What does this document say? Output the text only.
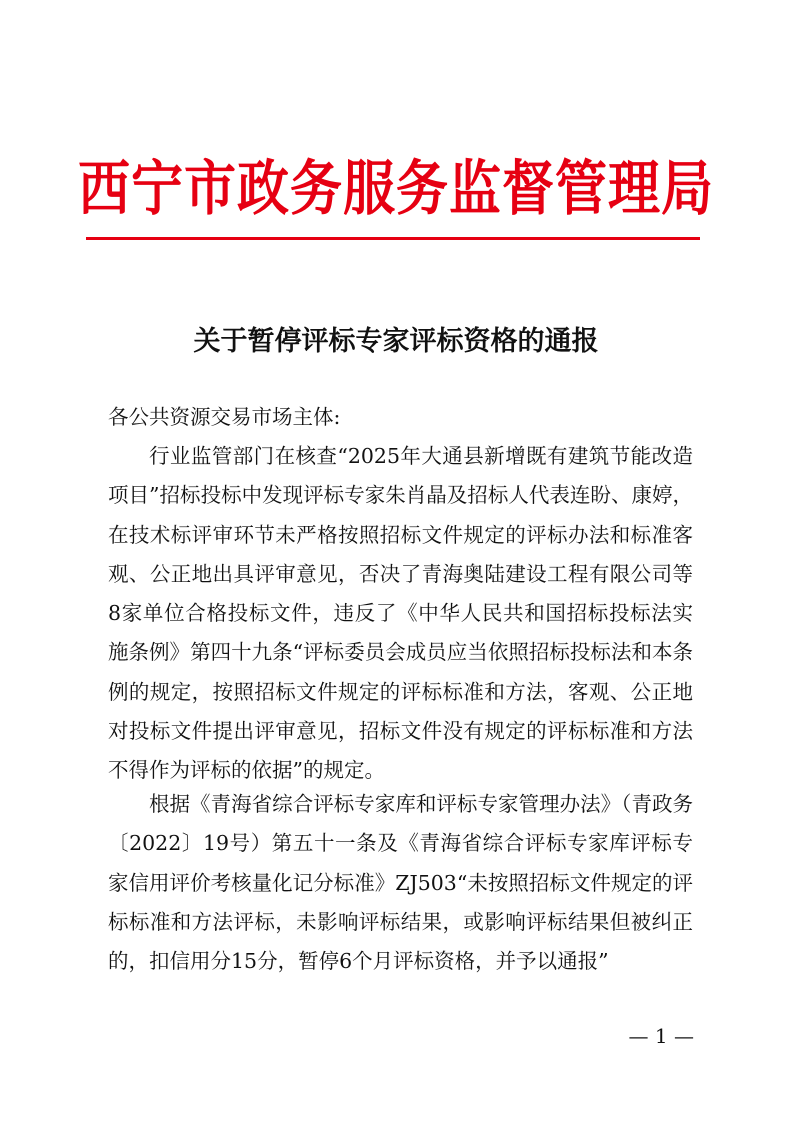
西宁市政务服务监督管理局
关于暂停评标专家评标资格的通报
各公共资源交易市场主体:

行业监管部门在核查“2025年大通县新增既有建筑节能改造项目”招标投标中发现评标专家朱肖晶及招标人代表连盼、康婷，在技术标评审环节未严格按照招标文件规定的评标办法和标准客观、公正地出具评审意见，否决了青海奥陆建设工程有限公司等8家单位合格投标文件，违反了《中华人民共和国招标投标法实施条例》第四十九条“评标委员会成员应当依照招标投标法和本条例的规定，按照招标文件规定的评标标准和方法，客观、公正地对投标文件提出评审意见，招标文件没有规定的评标标准和方法不得作为评标的依据”的规定。

根据《青海省综合评标专家库和评标专家管理办法》（青政务〔2022〕19号）第五十一条及《青海省综合评标专家库评标专家信用评价考核量化记分标准》ZJ503“未按照招标文件规定的评标标准和方法评标，未影响评标结果，或影响评标结果但被纠正的，扣信用分15分，暂停6个月评标资格，并予以通报”

— 1 —
